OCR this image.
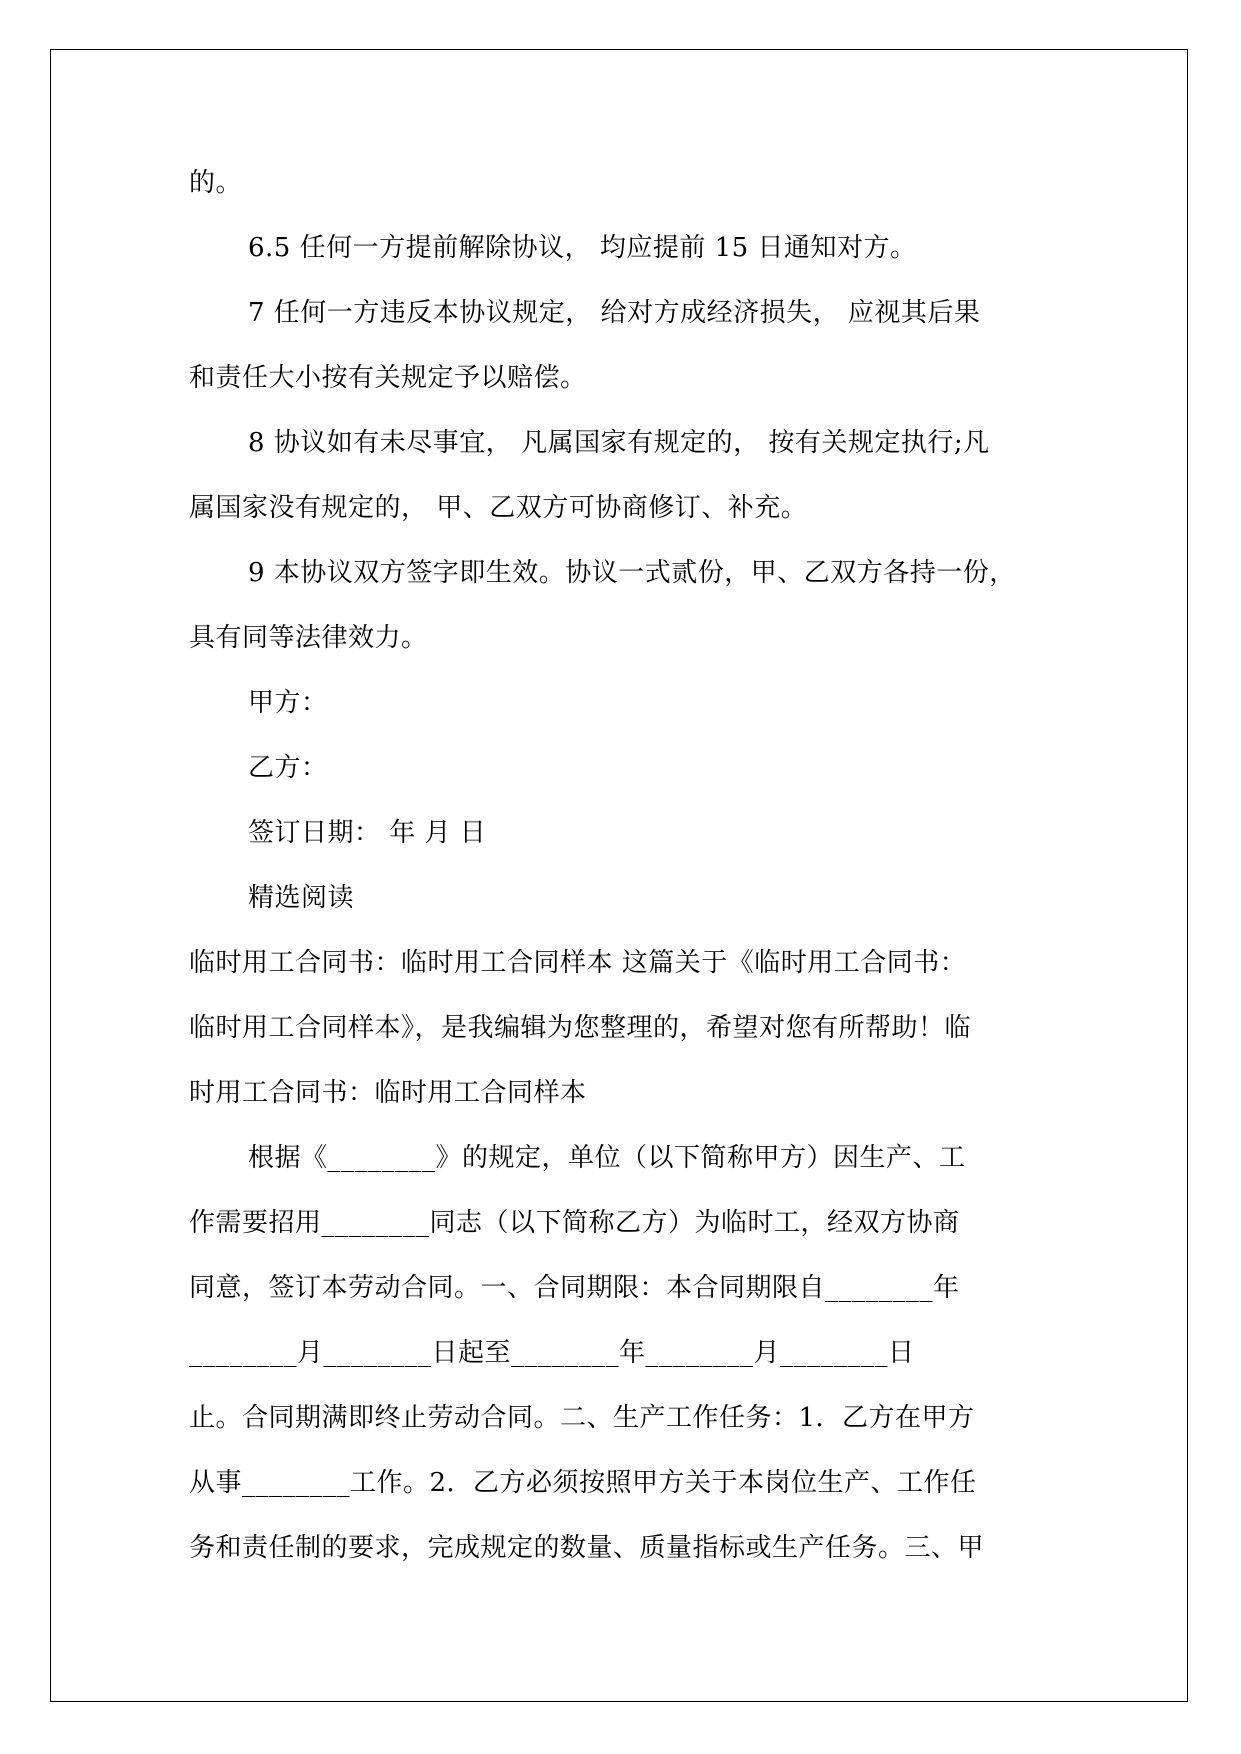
的。
6.5 任何一方提前解除协议， 均应提前 15 日通知对方。
7 任何一方违反本协议规定， 给对方成经济损失， 应视其后果
和责任大小按有关规定予以赔偿。
8 协议如有未尽事宜， 凡属国家有规定的， 按有关规定执行;凡
属国家没有规定的， 甲、乙双方可协商修订、补充。
9 本协议双方签字即生效。协议一式贰份，甲、乙双方各持一份，
具有同等法律效力。
甲方：
乙方：
签订日期： 年 月 日
精选阅读
临时用工合同书：临时用工合同样本 这篇关于《临时用工合同书：
临时用工合同样本》，是我编辑为您整理的，希望对您有所帮助！临
时用工合同书：临时用工合同样本
根据《________》的规定，单位（以下简称甲方）因生产、工
作需要招用________同志（以下简称乙方）为临时工，经双方协商
同意，签订本劳动合同。一、合同期限：本合同期限自________年
________月________日起至________年________月________日
止。合同期满即终止劳动合同。二、生产工作任务：1．乙方在甲方
从事________工作。2．乙方必须按照甲方关于本岗位生产、工作任
务和责任制的要求，完成规定的数量、质量指标或生产任务。三、甲
